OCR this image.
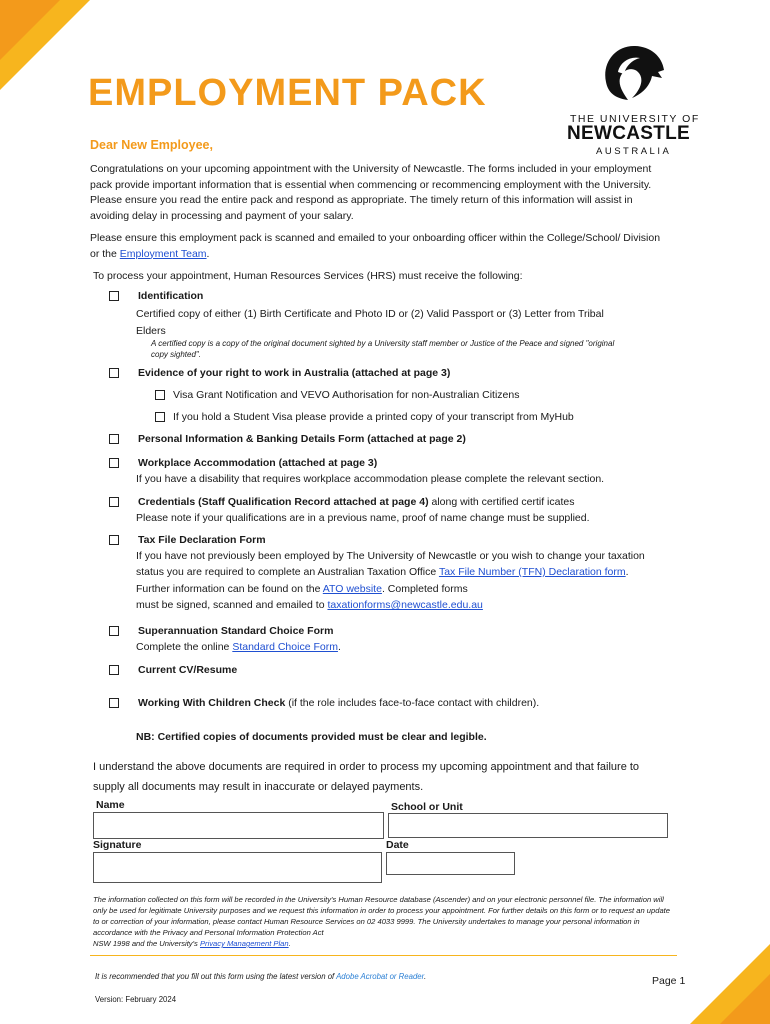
EMPLOYMENT PACK
THE UNIVERSITY OF
NEWCASTLE
AUSTRALIA
Dear New Employee,
Congratulations on your upcoming appointment with the University of Newcastle. The forms included in your employment pack provide important information that is essential when commencing or recommencing employment with the University. Please ensure you read the entire pack and respond as appropriate. The timely return of this information will assist in avoiding delay in processing and payment of your salary.
Please ensure this employment pack is scanned and emailed to your onboarding officer within the College/School/ Division or the Employment Team.
To process your appointment, Human Resources Services (HRS) must receive the following:
Identification
Certified copy of either (1) Birth Certificate and Photo ID or (2) Valid Passport or (3) Letter from Tribal Elders
A certified copy is a copy of the original document sighted by a University staff member or Justice of the Peace and signed "original copy sighted".
Evidence of your right to work in Australia (attached at page 3)
Visa Grant Notification and VEVO Authorisation for non-Australian Citizens
If you hold a Student Visa please provide a printed copy of your transcript from MyHub
Personal Information & Banking Details Form (attached at page 2)
Workplace Accommodation (attached at page 3)
If you have a disability that requires workplace accommodation please complete the relevant section.
Credentials (Staff Qualification Record attached at page 4) along with certified certif icates
Please note if your qualifications are in a previous name, proof of name change must be supplied.
Tax File Declaration Form
If you have not previously been employed by The University of Newcastle or you wish to change your taxation
status you are required to complete an Australian Taxation Office Tax File Number (TFN) Declaration form.
Further information can be found on the ATO website. Completed forms
must be signed, scanned and emailed to taxationforms@newcastle.edu.au
Superannuation Standard Choice Form
Complete the online Standard Choice Form.
Current CV/Resume
Working With Children Check (if the role includes face-to-face contact with children).
NB: Certified copies of documents provided must be clear and legible.
I understand the above documents are required in order to process my upcoming appointment and that failure to
supply all documents may result in inaccurate or delayed payments.
Name	School or Unit
Signature	Date
The information collected on this form will be recorded in the University's Human Resource database (Ascender) and on your electronic personnel file. The information will only be used for legitimate University purposes and we request this information in order to process your appointment. For further details on this form or to request an update to or correction of your information, please contact Human Resource Services on 02 4033 9999. The University undertakes to manage your personal information in accordance with the Privacy and Personal Information Protection Act
NSW 1998 and the University's Privacy Management Plan.
It is recommended that you fill out this form using the latest version of Adobe Acrobat or Reader.	Page 1
Version: February 2024
